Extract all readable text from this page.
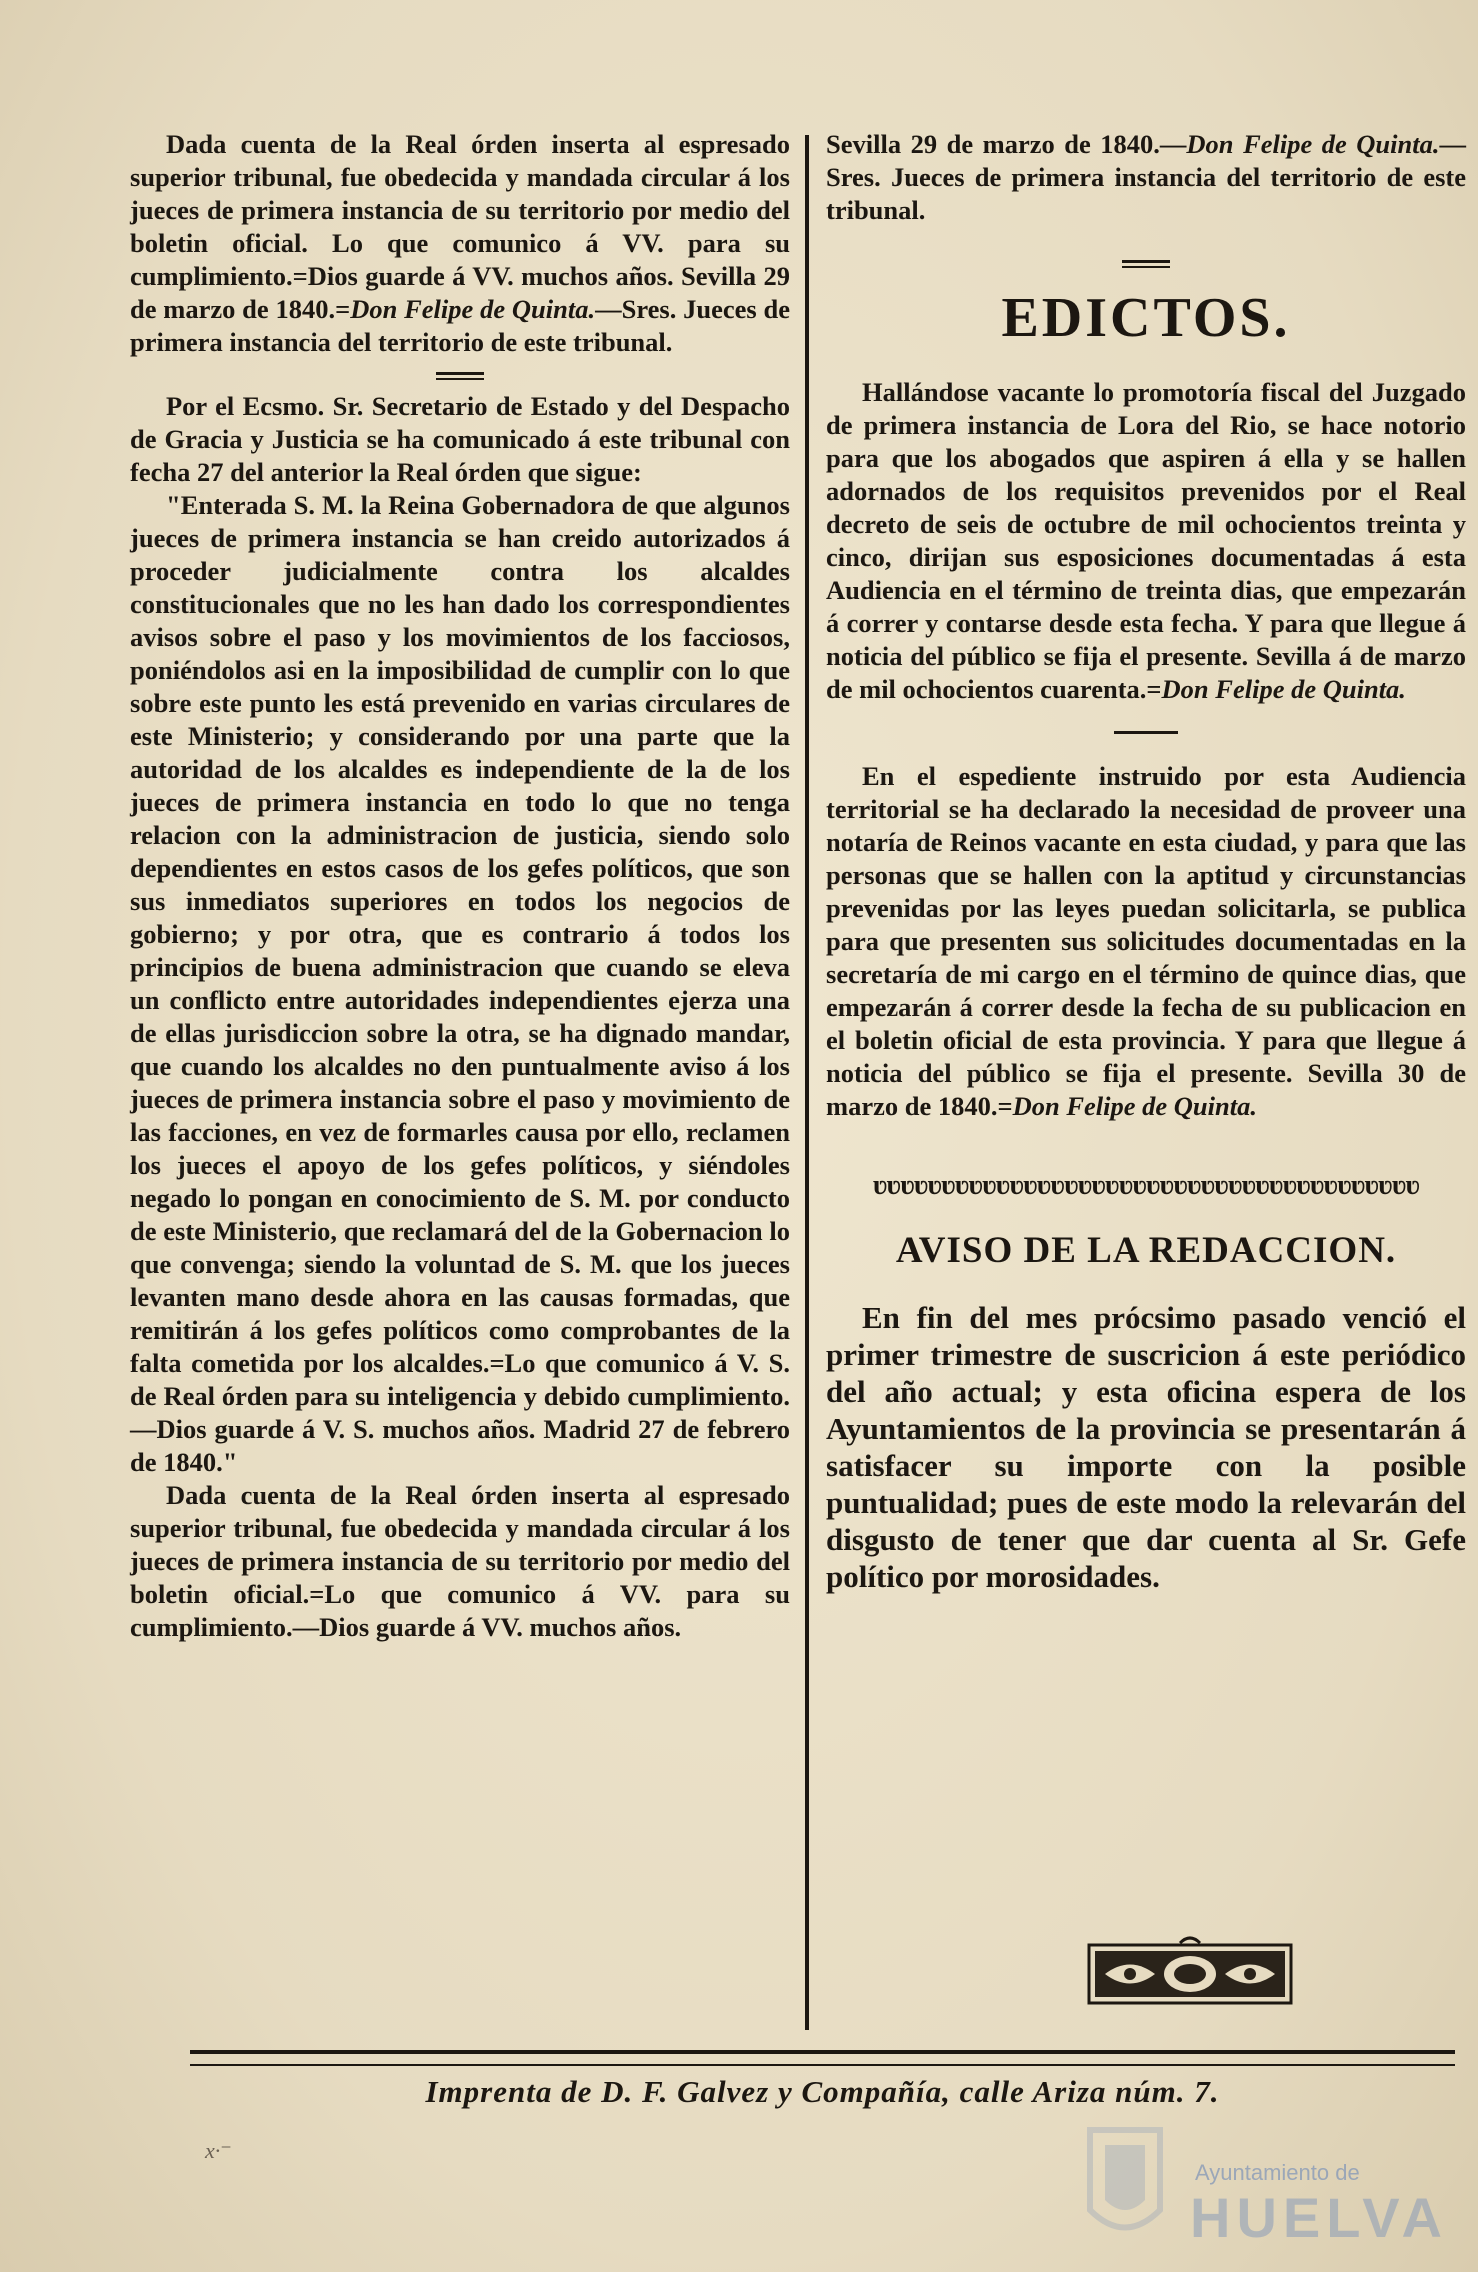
Dada cuenta de la Real órden inserta al espresado superior tribunal, fue obedecida y mandada circular á los jueces de primera instancia de su territorio por medio del boletin oficial. Lo que comunico á VV. para su cumplimiento.=Dios guarde á VV. muchos años. Sevilla 29 de marzo de 1840.=Don Felipe de Quinta.—Sres. Jueces de primera instancia del territorio de este tribunal.

Por el Ecsmo. Sr. Secretario de Estado y del Despacho de Gracia y Justicia se ha comunicado á este tribunal con fecha 27 del anterior la Real órden que sigue:

"Enterada S. M. la Reina Gobernadora de que algunos jueces de primera instancia se han creido autorizados á proceder judicialmente contra los alcaldes constitucionales que no les han dado los correspondientes avisos sobre el paso y los movimientos de los facciosos, poniéndolos asi en la imposibilidad de cumplir con lo que sobre este punto les está prevenido en varias circulares de este Ministerio; y considerando por una parte que la autoridad de los alcaldes es independiente de la de los jueces de primera instancia en todo lo que no tenga relacion con la administracion de justicia, siendo solo dependientes en estos casos de los gefes políticos, que son sus inmediatos superiores en todos los negocios de gobierno; y por otra, que es contrario á todos los principios de buena administracion que cuando se eleva un conflicto entre autoridades independientes ejerza una de ellas jurisdiccion sobre la otra, se ha dignado mandar, que cuando los alcaldes no den puntualmente aviso á los jueces de primera instancia sobre el paso y movimiento de las facciones, en vez de formarles causa por ello, reclamen los jueces el apoyo de los gefes políticos, y siéndoles negado lo pongan en conocimiento de S. M. por conducto de este Ministerio, que reclamará del de la Gobernacion lo que convenga; siendo la voluntad de S. M. que los jueces levanten mano desde ahora en las causas formadas, que remitirán á los gefes políticos como comprobantes de la falta cometida por los alcaldes.=Lo que comunico á V. S. de Real órden para su inteligencia y debido cumplimiento.—Dios guarde á V. S. muchos años. Madrid 27 de febrero de 1840."

Dada cuenta de la Real órden inserta al espresado superior tribunal, fue obedecida y mandada circular á los jueces de primera instancia de su territorio por medio del boletin oficial.=Lo que comunico á VV. para su cumplimiento.—Dios guarde á VV. muchos años.

Sevilla 29 de marzo de 1840.—Don Felipe de Quinta.—Sres. Jueces de primera instancia del territorio de este tribunal.

EDICTOS.

Hallándose vacante lo promotoría fiscal del Juzgado de primera instancia de Lora del Rio, se hace notorio para que los abogados que aspiren á ella y se hallen adornados de los requisitos prevenidos por el Real decreto de seis de octubre de mil ochocientos treinta y cinco, dirijan sus esposiciones documentadas á esta Audiencia en el término de treinta dias, que empezarán á correr y contarse desde esta fecha. Y para que llegue á noticia del público se fija el presente. Sevilla á de marzo de mil ochocientos cuarenta.=Don Felipe de Quinta.

En el espediente instruido por esta Audiencia territorial se ha declarado la necesidad de proveer una notaría de Reinos vacante en esta ciudad, y para que las personas que se hallen con la aptitud y circunstancias prevenidas por las leyes puedan solicitarla, se publica para que presenten sus solicitudes documentadas en la secretaría de mi cargo en el término de quince dias, que empezarán á correr desde la fecha de su publicacion en el boletin oficial de esta provincia. Y para que llegue á noticia del público se fija el presente. Sevilla 30 de marzo de 1840.=Don Felipe de Quinta.

ʋʋʋʋʋʋʋʋʋʋʋʋʋʋʋʋʋʋʋʋʋʋʋʋʋʋʋʋʋʋʋʋʋʋʋʋʋʋʋʋ
AVISO DE LA REDACCION.

En fin del mes prócsimo pasado venció el primer trimestre de suscricion á este periódico del año actual; y esta oficina espera de los Ayuntamientos de la provincia se presentarán á satisfacer su importe con la posible puntualidad; pues de este modo la relevarán del disgusto de tener que dar cuenta al Sr. Gefe político por morosidades.

Imprenta de D. F. Galvez y Compañía, calle Ariza núm. 7.
x·⁻
Ayuntamiento de
HUELVA
